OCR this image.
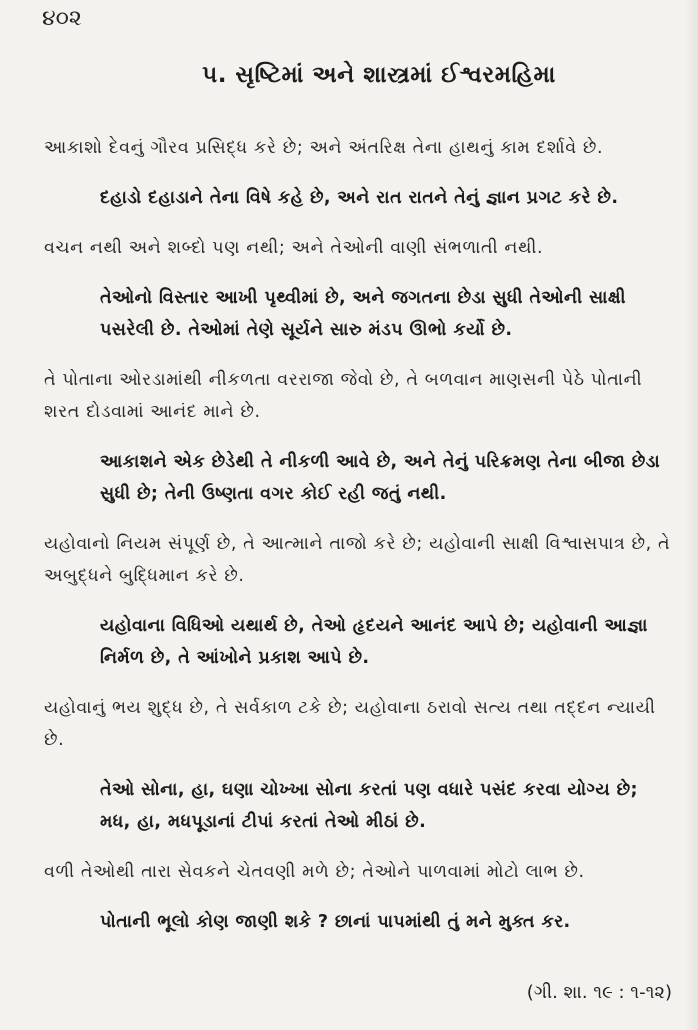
૪૦૨
૫. સૃષ્ટિમાં અને શાસ્ત્રમાં ઈશ્વરમહિમા

આકાશો દેવનું ગૌરવ પ્રસિદ્ધ કરે છે; અને અંતરિક્ષ તેના હાથનું કામ દર્શાવે છે.

દહાડો દહાડાને તેના વિષે કહે છે, અને રાત રાતને તેનું જ્ઞાન પ્રગટ કરે છે.

વચન નથી અને શબ્દો પણ નથી; અને તેઓની વાણી સંભળાતી નથી.

તેઓનો વિસ્તાર આખી પૃથ્વીમાં છે, અને જગતના છેડા સુધી તેઓની સાક્ષી પસરેલી છે. તેઓમાં તેણે સૂર્યને સારુ મંડપ ઊભો કર્યો છે.

તે પોતાના ઓરડામાંથી નીકળતા વરરાજા જેવો છે, તે બળવાન માણસની પેઠે પોતાની શરત દોડવામાં આનંદ માને છે.

આકાશને એક છેડેથી તે નીકળી આવે છે, અને તેનું પરિક્રમણ તેના બીજા છેડા સુધી છે; તેની ઉષ્ણતા વગર કોઈ રહી જતું નથી.

યહોવાનો નિયમ સંપૂર્ણ છે, તે આત્માને તાજો કરે છે; યહોવાની સાક્ષી વિશ્વાસપાત્ર છે, તે અબુદ્ધને બુદ્ધિમાન કરે છે.

યહોવાના વિધિઓ યથાર્થ છે, તેઓ હૃદયને આનંદ આપે છે; યહોવાની આજ્ઞા નિર્મળ છે, તે આંખોને પ્રકાશ આપે છે.

યહોવાનું ભય શુદ્ધ છે, તે સર્વકાળ ટકે છે; યહોવાના ઠરાવો સત્ય તથા તદ્દન ન્યાયી છે.

તેઓ સોના, હા, ઘણા ચોખ્ખા સોના કરતાં પણ વધારે પસંદ કરવા યોગ્ય છે; મધ, હા, મધપૂડાનાં ટીપાં કરતાં તેઓ મીઠાં છે.

વળી તેઓથી તારા સેવકને ચેતવણી મળે છે; તેઓને પાળવામાં મોટો લાભ છે.

પોતાની ભૂલો કોણ જાણી શકે ? છાનાં પાપમાંથી તું મને મુક્ત કર.

(ગી. શા. ૧૯ : ૧-૧૨)
